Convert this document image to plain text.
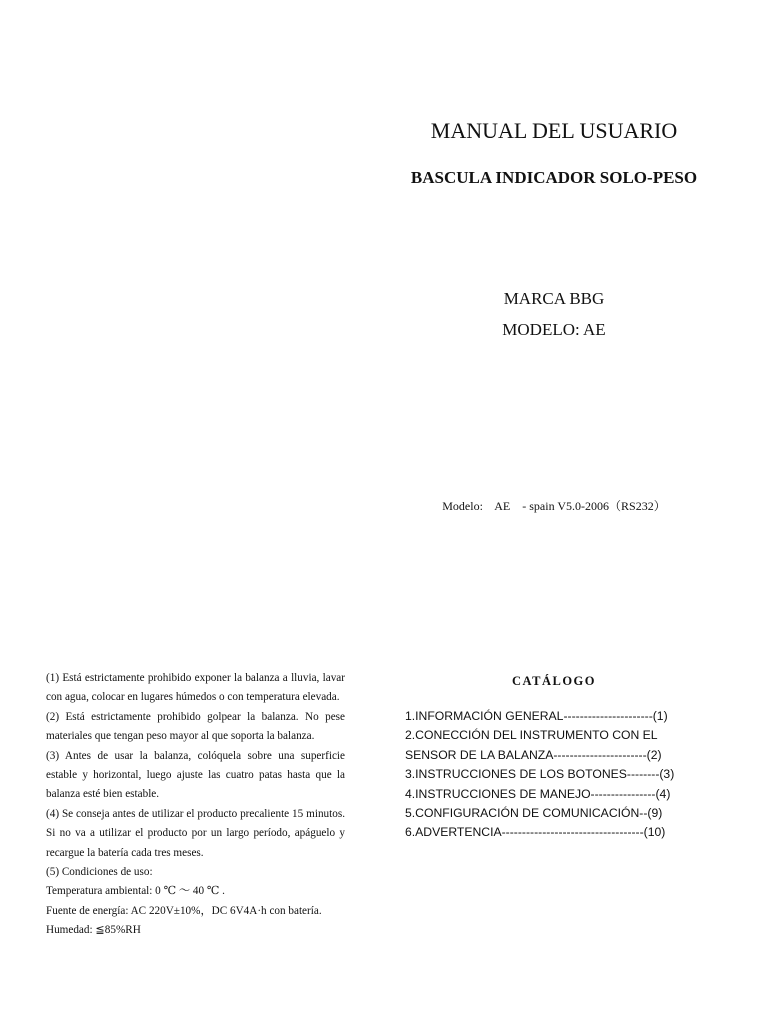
MANUAL DEL USUARIO
BASCULA INDICADOR SOLO-PESO
MARCA BBG
MODELO: AE
Modelo:    AE    - spain V5.0-2006（RS232）

(1) Está estrictamente prohibido exponer la balanza a lluvia, lavar con agua, colocar en lugares húmedos o con temperatura elevada.

(2) Está estrictamente prohibido golpear la balanza. No pese materiales que tengan peso mayor al que soporta la balanza.

(3) Antes de usar la balanza, colóquela sobre una superficie estable y horizontal, luego ajuste las cuatro patas hasta que la balanza esté bien estable.

(4) Se conseja antes de utilizar el producto precaliente 15 minutos. Si no va a utilizar el producto por un largo período, apáguelo y recargue la batería cada tres meses.

(5) Condiciones de uso:

Temperatura ambiental: 0 ℃ ～ 40 ℃ .

Fuente de energía: AC 220V±10%，DC 6V4A·h con batería.

Humedad: ≦85%RH

CATÁLOGO
1.INFORMACIÓN GENERAL----------------------(1)
2.CONECCIÓN DEL INSTRUMENTO CON EL
SENSOR DE LA BALANZA-----------------------(2)
3.INSTRUCCIONES DE LOS BOTONES--------(3)
4.INSTRUCCIONES DE MANEJO----------------(4)
5.CONFIGURACIÓN DE COMUNICACIÓN--(9)
6.ADVERTENCIA-----------------------------------(10)
